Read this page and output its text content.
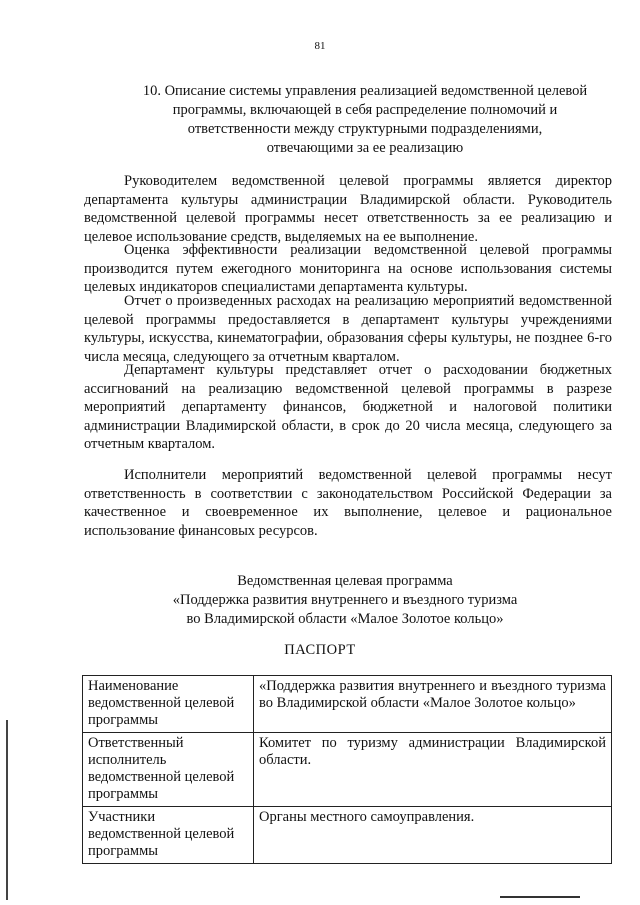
81
10. Описание системы управления реализацией ведомственной целевой
программы, включающей в себя распределение полномочий и
ответственности между структурными подразделениями,
отвечающими за ее реализацию

Руководителем ведомственной целевой программы является директор департамента культуры администрации Владимирской области. Руководитель ведомственной целевой программы несет ответственность за ее реализацию и целевое использование средств, выделяемых на ее выполнение.

Оценка эффективности реализации ведомственной целевой программы производится путем ежегодного мониторинга на основе использования системы целевых индикаторов специалистами департамента культуры.

Отчет о произведенных расходах на реализацию мероприятий ведомственной целевой программы предоставляется в департамент культуры учреждениями культуры, искусства, кинематографии, образования сферы культуры, не позднее 6-го числа месяца, следующего за отчетным кварталом.

Департамент культуры представляет отчет о расходовании бюджетных ассигнований на реализацию ведомственной целевой программы в разрезе мероприятий департаменту финансов, бюджетной и налоговой политики администрации Владимирской области, в срок до 20 числа месяца, следующего за отчетным кварталом.

Исполнители мероприятий ведомственной целевой программы несут ответственность в соответствии с законодательством Российской Федерации за качественное и своевременное их выполнение, целевое и рациональное использование финансовых ресурсов.

Ведомственная целевая программа
«Поддержка развития внутреннего и въездного туризма
во Владимирской области «Малое Золотое кольцо»
ПАСПОРТ
Наименование ведомственной целевой программы	«Поддержка развития внутреннего и въездного туризма во Владимирской области «Малое Золотое кольцо»
Ответственный исполнитель ведомственной целевой программы	Комитет по туризму администрации Владимирской области.
Участники ведомственной целевой программы	Органы местного самоуправления.
